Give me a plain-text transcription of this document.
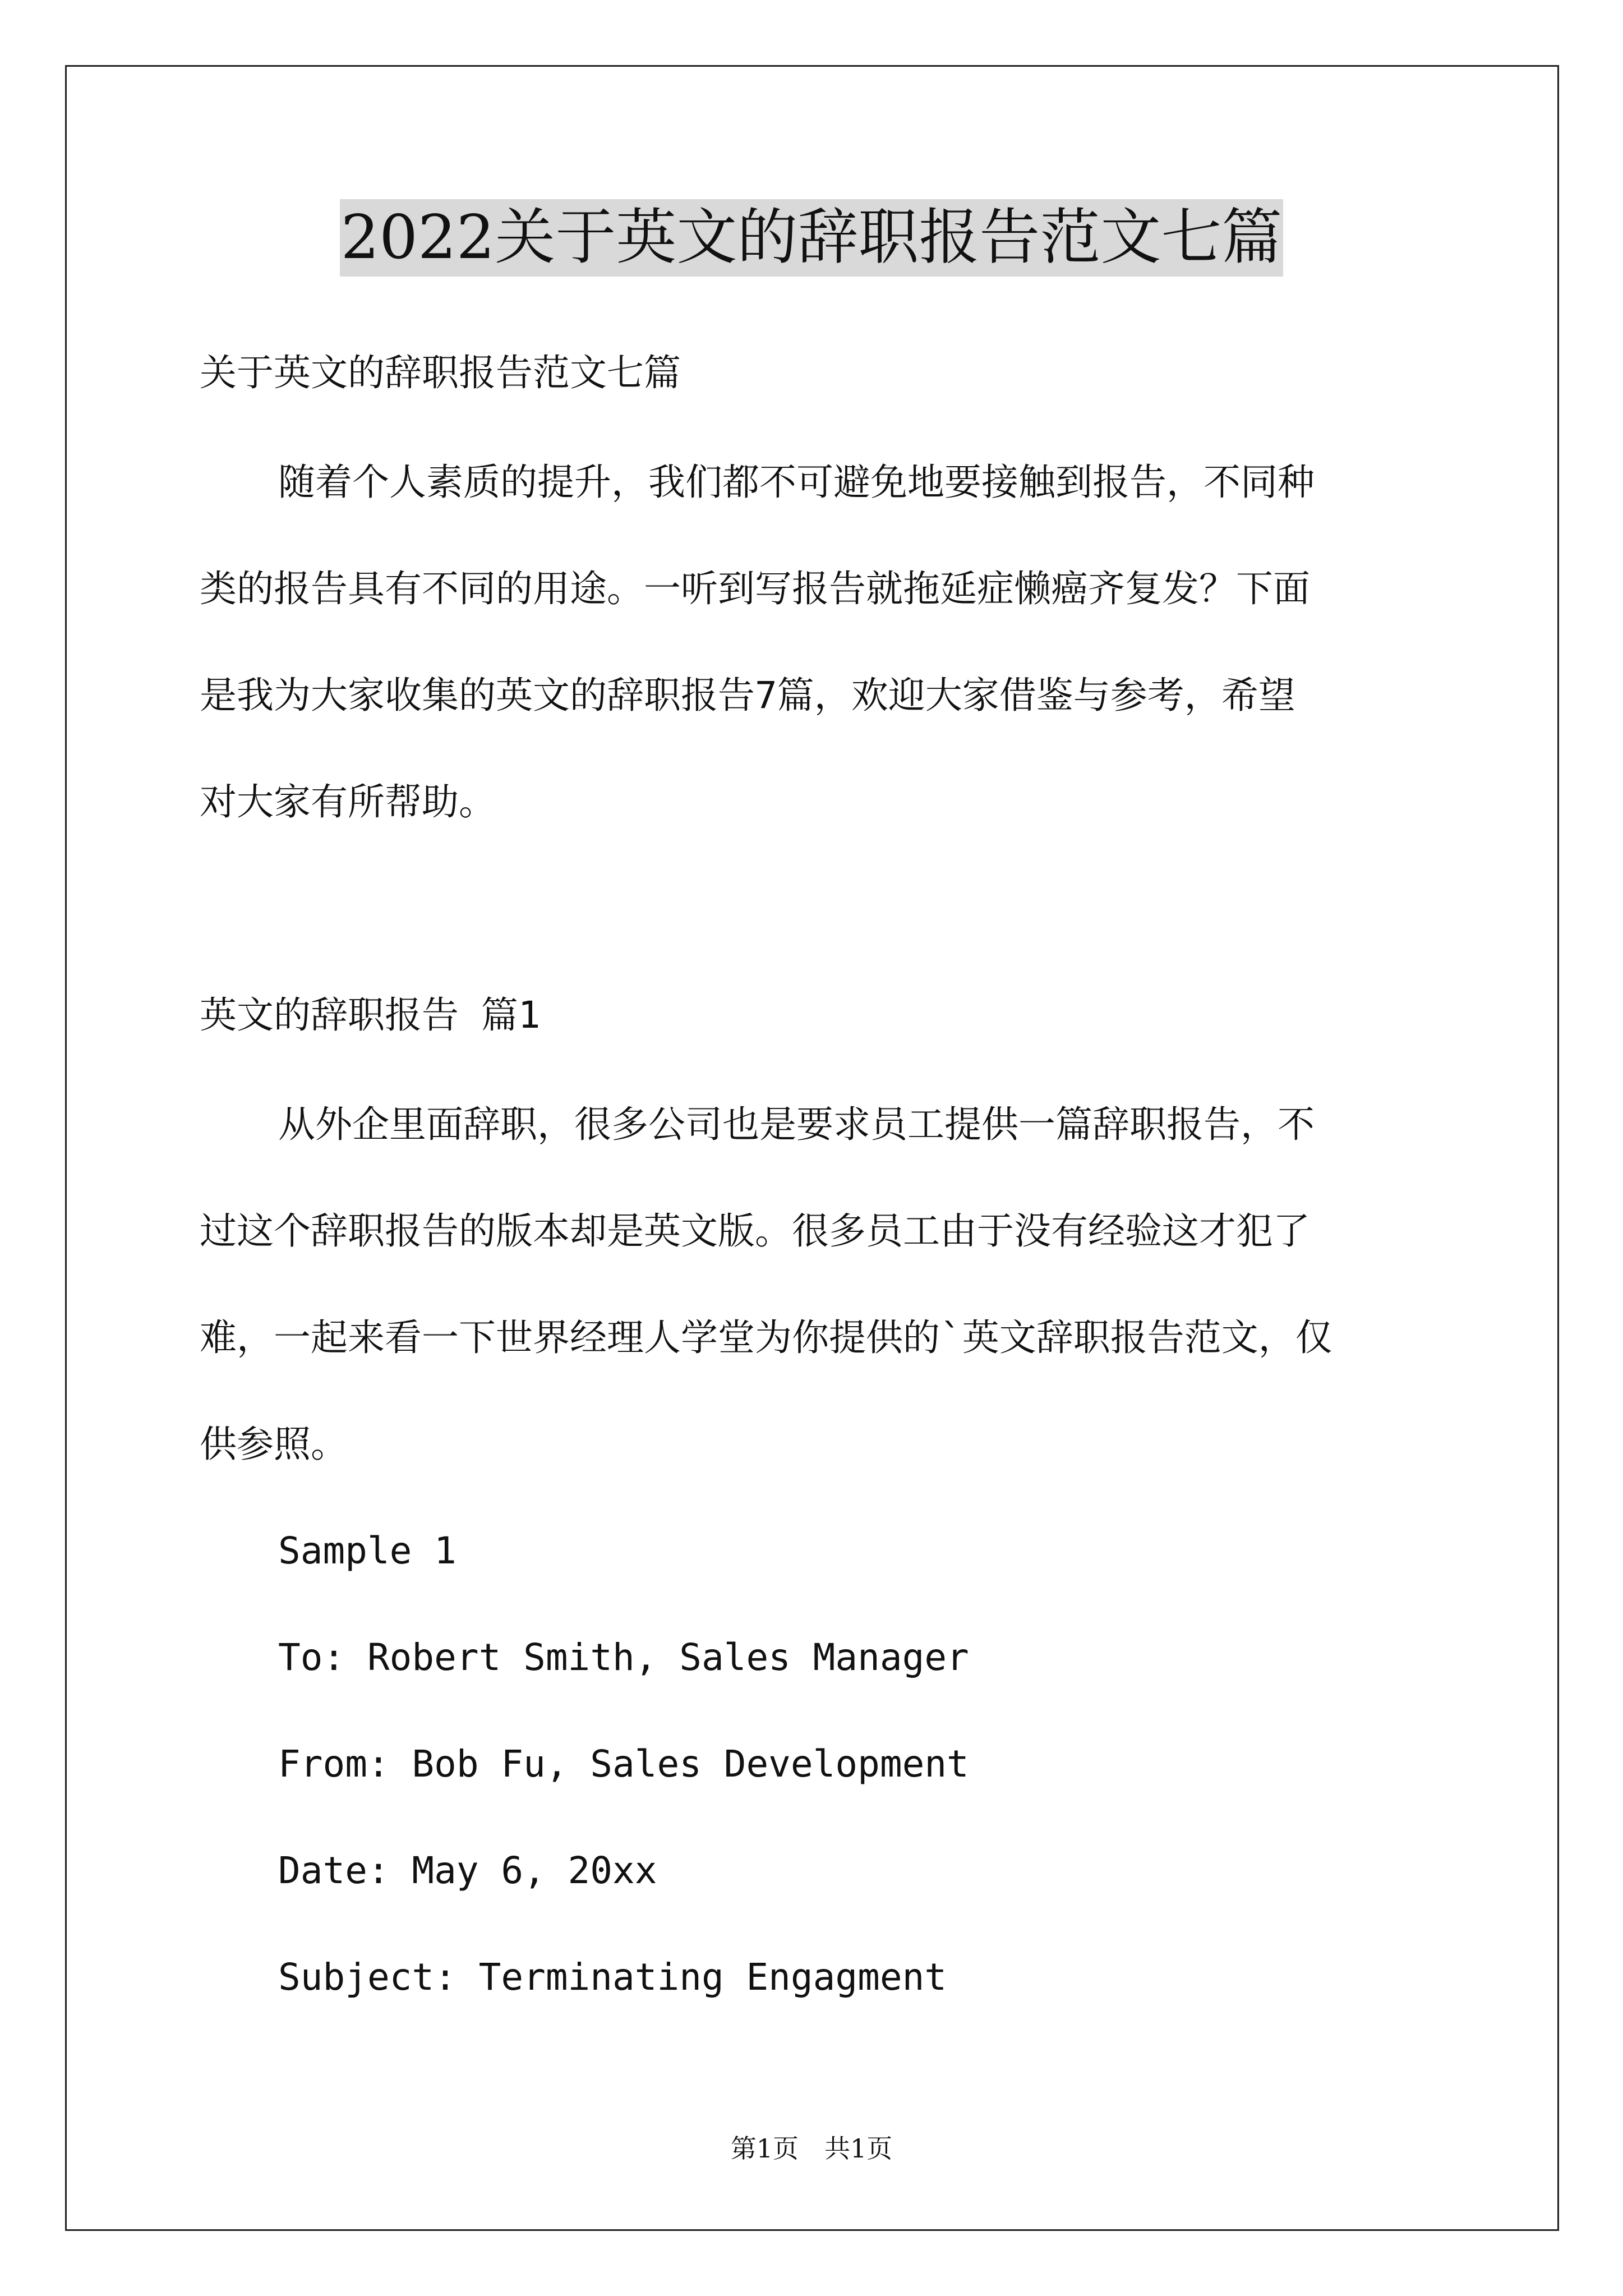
2022关于英文的辞职报告范文七篇
关于英文的辞职报告范文七篇
随着个人素质的提升，我们都不可避免地要接触到报告，不同种
类的报告具有不同的用途。一听到写报告就拖延症懒癌齐复发？下面
是我为大家收集的英文的辞职报告7篇，欢迎大家借鉴与参考，希望
对大家有所帮助。
英文的辞职报告 篇1
从外企里面辞职，很多公司也是要求员工提供一篇辞职报告，不
过这个辞职报告的版本却是英文版。很多员工由于没有经验这才犯了
难，一起来看一下世界经理人学堂为你提供的`英文辞职报告范文，仅
供参照。
Sample 1
To: Robert Smith, Sales Manager
From: Bob Fu, Sales Development
Date: May 6, 20xx
Subject: Terminating Engagment
第1页　共1页
